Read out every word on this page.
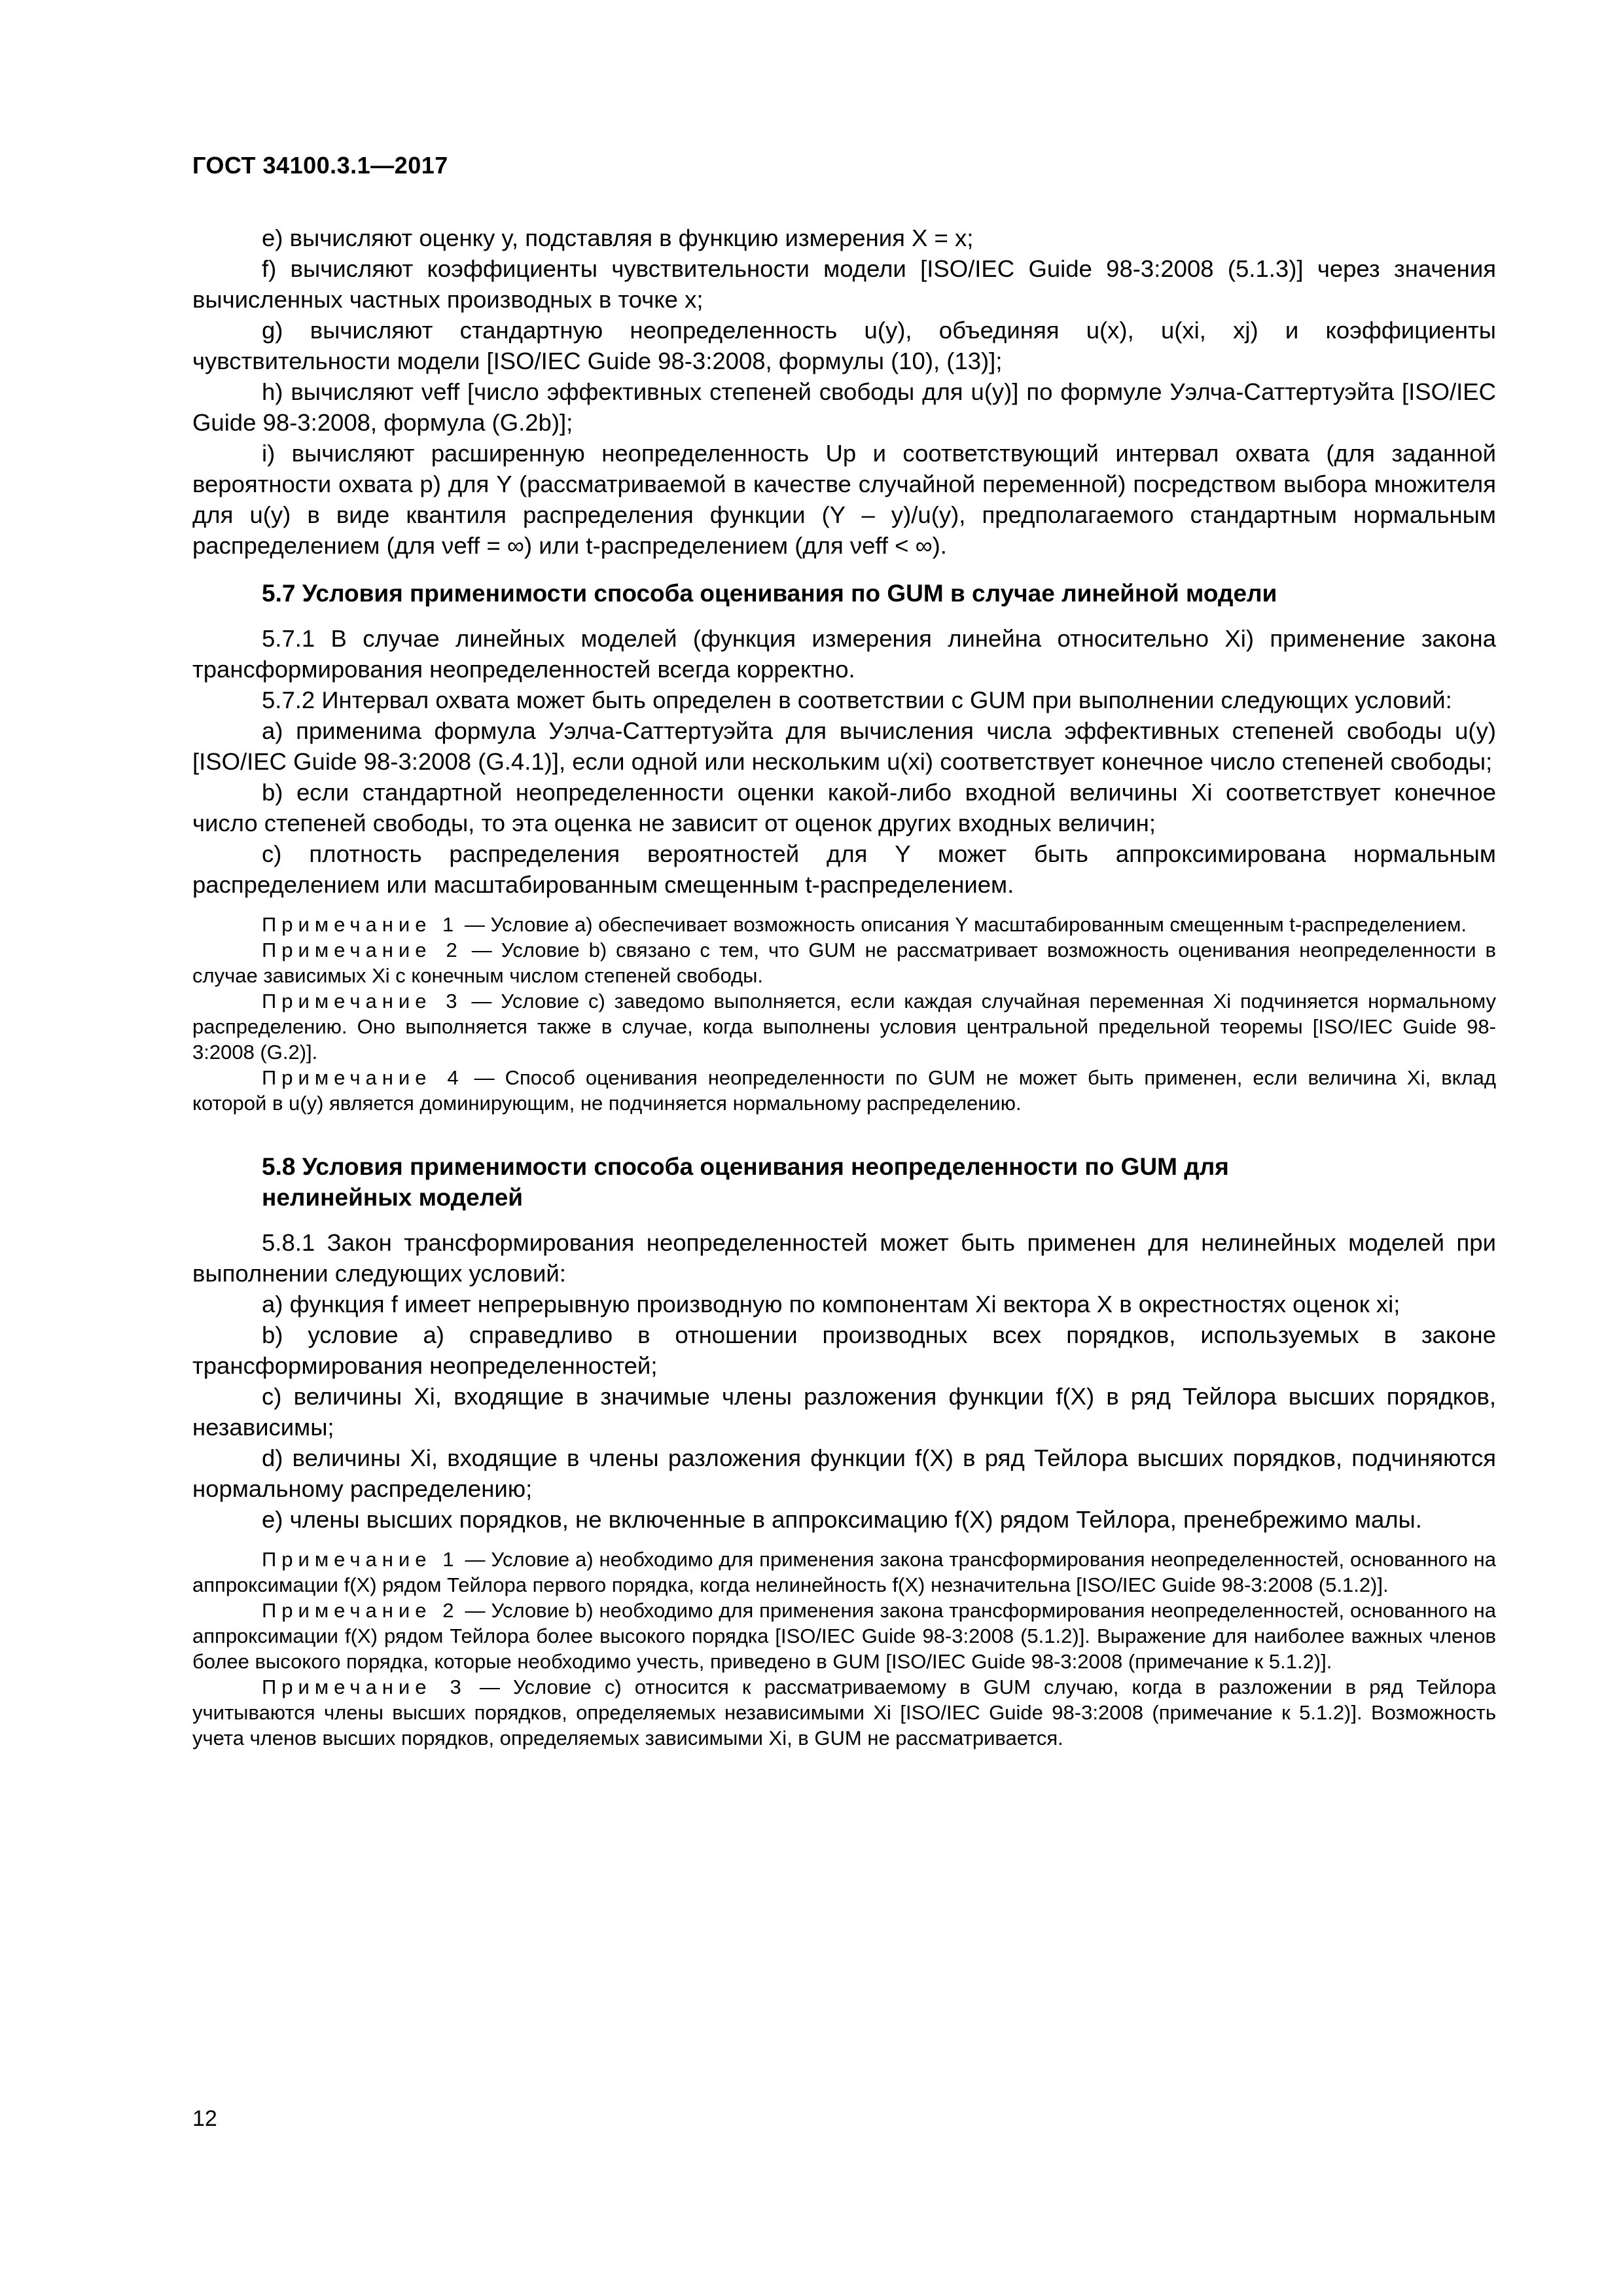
ГОСТ 34100.3.1—2017

е) вычисляют оценку y, подставляя в функцию измерения X = x;

f) вычисляют коэффициенты чувствительности модели [ISO/IEC Guide 98-3:2008 (5.1.3)] через значения вычисленных частных производных в точке x;

g) вычисляют стандартную неопределенность u(y), объединяя u(x), u(xi, xj) и коэффициенты чувствительности модели [ISO/IEC Guide 98-3:2008, формулы (10), (13)];

h) вычисляют νeff [число эффективных степеней свободы для u(y)] по формуле Уэлча-Саттертуэйта [ISO/IEC Guide 98-3:2008, формула (G.2b)];

i) вычисляют расширенную неопределенность Up и соответствующий интервал охвата (для заданной вероятности охвата p) для Y (рассматриваемой в качестве случайной переменной) посредством выбора множителя для u(y) в виде квантиля распределения функции (Y – y)/u(y), предполагаемого стандартным нормальным распределением (для νeff = ∞) или t-распределением (для νeff < ∞).

5.7 Условия применимости способа оценивания по GUM в случае линейной модели

5.7.1 В случае линейных моделей (функция измерения линейна относительно Xi) применение закона трансформирования неопределенностей всегда корректно.

5.7.2 Интервал охвата может быть определен в соответствии с GUM при выполнении следующих условий:

а) применима формула Уэлча-Саттертуэйта для вычисления числа эффективных степеней свободы u(y) [ISO/IEC Guide 98-3:2008 (G.4.1)], если одной или нескольким u(xi) соответствует конечное число степеней свободы;

b) если стандартной неопределенности оценки какой-либо входной величины Xi соответствует конечное число степеней свободы, то эта оценка не зависит от оценок других входных величин;

с) плотность распределения вероятностей для Y может быть аппроксимирована нормальным распределением или масштабированным смещенным t-распределением.

Примечание 1 — Условие а) обеспечивает возможность описания Y масштабированным смещенным t-распределением.

Примечание 2 — Условие b) связано с тем, что GUM не рассматривает возможность оценивания неопределенности в случае зависимых Xi с конечным числом степеней свободы.

Примечание 3 — Условие с) заведомо выполняется, если каждая случайная переменная Xi подчиняется нормальному распределению. Оно выполняется также в случае, когда выполнены условия центральной предельной теоремы [ISO/IEC Guide 98-3:2008 (G.2)].

Примечание 4 — Способ оценивания неопределенности по GUM не может быть применен, если величина Xi, вклад которой в u(y) является доминирующим, не подчиняется нормальному распределению.

5.8 Условия применимости способа оценивания неопределенности по GUM для
нелинейных моделей

5.8.1 Закон трансформирования неопределенностей может быть применен для нелинейных моделей при выполнении следующих условий:

а) функция f имеет непрерывную производную по компонентам Xi вектора X в окрестностях оценок xi;

b) условие а) справедливо в отношении производных всех порядков, используемых в законе трансформирования неопределенностей;

с) величины Xi, входящие в значимые члены разложения функции f(X) в ряд Тейлора высших порядков, независимы;

d) величины Xi, входящие в члены разложения функции f(X) в ряд Тейлора высших порядков, подчиняются нормальному распределению;

е) члены высших порядков, не включенные в аппроксимацию f(X) рядом Тейлора, пренебрежимо малы.

Примечание 1 — Условие а) необходимо для применения закона трансформирования неопределенностей, основанного на аппроксимации f(X) рядом Тейлора первого порядка, когда нелинейность f(X) незначительна [ISO/IEC Guide 98-3:2008 (5.1.2)].

Примечание 2 — Условие b) необходимо для применения закона трансформирования неопределенностей, основанного на аппроксимации f(X) рядом Тейлора более высокого порядка [ISO/IEC Guide 98-3:2008 (5.1.2)]. Выражение для наиболее важных членов более высокого порядка, которые необходимо учесть, приведено в GUM [ISO/IEC Guide 98-3:2008 (примечание к 5.1.2)].

Примечание 3 — Условие с) относится к рассматриваемому в GUM случаю, когда в разложении в ряд Тейлора учитываются члены высших порядков, определяемых независимыми Xi [ISO/IEC Guide 98-3:2008 (примечание к 5.1.2)]. Возможность учета членов высших порядков, определяемых зависимыми Xi, в GUM не рассматривается.

12
